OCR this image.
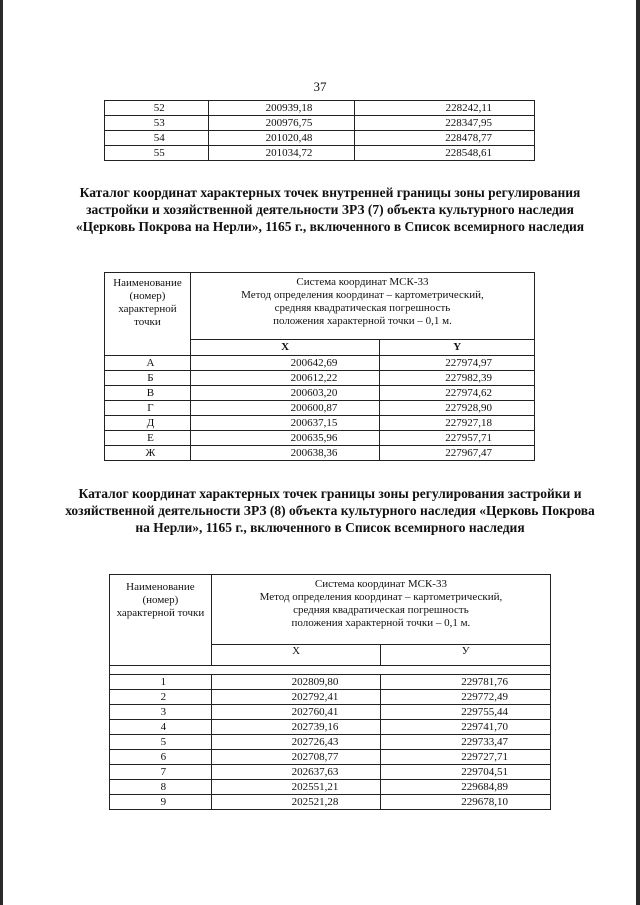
37
52	200939,18	228242,11
53	200976,75	228347,95
54	201020,48	228478,77
55	201034,72	228548,61
Каталог координат характерных точек внутренней границы зоны регулирования застройки и хозяйственной деятельности ЗРЗ (7) объекта культурного наследия «Церковь Покрова на Нерли», 1165 г., включенного в Список всемирного наследия
Наименование (номер) характерной точки	Система координат МСК-33
Метод определения координат – картометрический,
средняя квадратическая погрешность
положения характерной точки – 0,1 м.	
	X	Y
А	200642,69	227974,97
Б	200612,22	227982,39
В	200603,20	227974,62
Г	200600,87	227928,90
Д	200637,15	227927,18
Е	200635,96	227957,71
Ж	200638,36	227967,47
Каталог координат характерных точек границы зоны регулирования застройки и хозяйственной деятельности ЗРЗ (8) объекта культурного наследия «Церковь Покрова на Нерли», 1165 г., включенного в Список всемирного наследия
Наименование (номер) характерной точки	Система координат МСК-33
Метод определения координат – картометрический,
средняя квадратическая погрешность
положения характерной точки – 0,1 м.	
	X	У

1	202809,80	229781,76
2	202792,41	229772,49
3	202760,41	229755,44
4	202739,16	229741,70
5	202726,43	229733,47
6	202708,77	229727,71
7	202637,63	229704,51
8	202551,21	229684,89
9	202521,28	229678,10
